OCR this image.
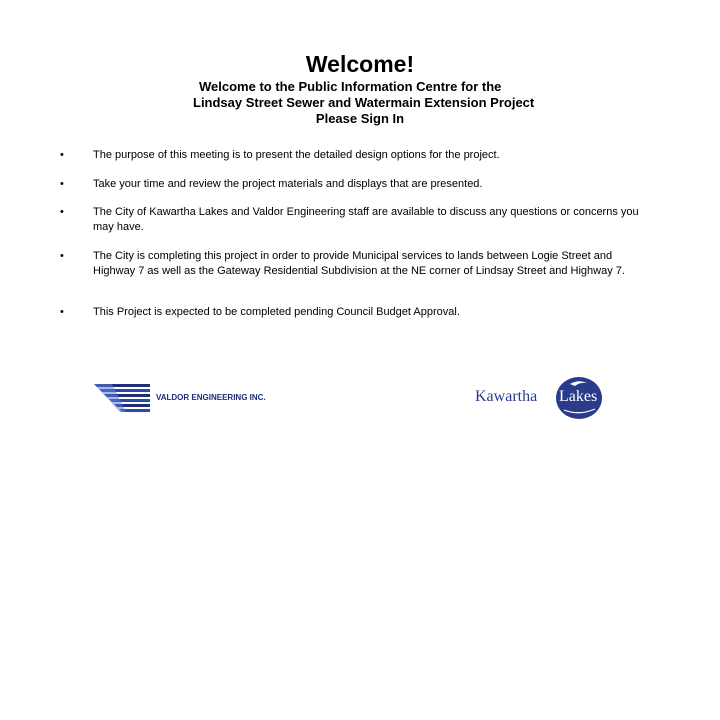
Welcome!
Welcome to the Public Information Centre for the
Lindsay Street Sewer and Watermain Extension Project
Please Sign In
•	The purpose of this meeting is to present the detailed design options for the project.
•	Take your time and review the project materials and displays that are presented.
•	The City of Kawartha Lakes and Valdor Engineering staff are available to discuss any questions or concerns you may have.
•	The City is completing this project in order to provide Municipal services to lands between Logie Street and Highway 7 as well as the Gateway Residential Subdivision at the NE corner of Lindsay Street and Highway 7.
•	This Project is expected to be completed pending Council Budget Approval.
VALDOR ENGINEERING INC.	Kawartha Lakes
